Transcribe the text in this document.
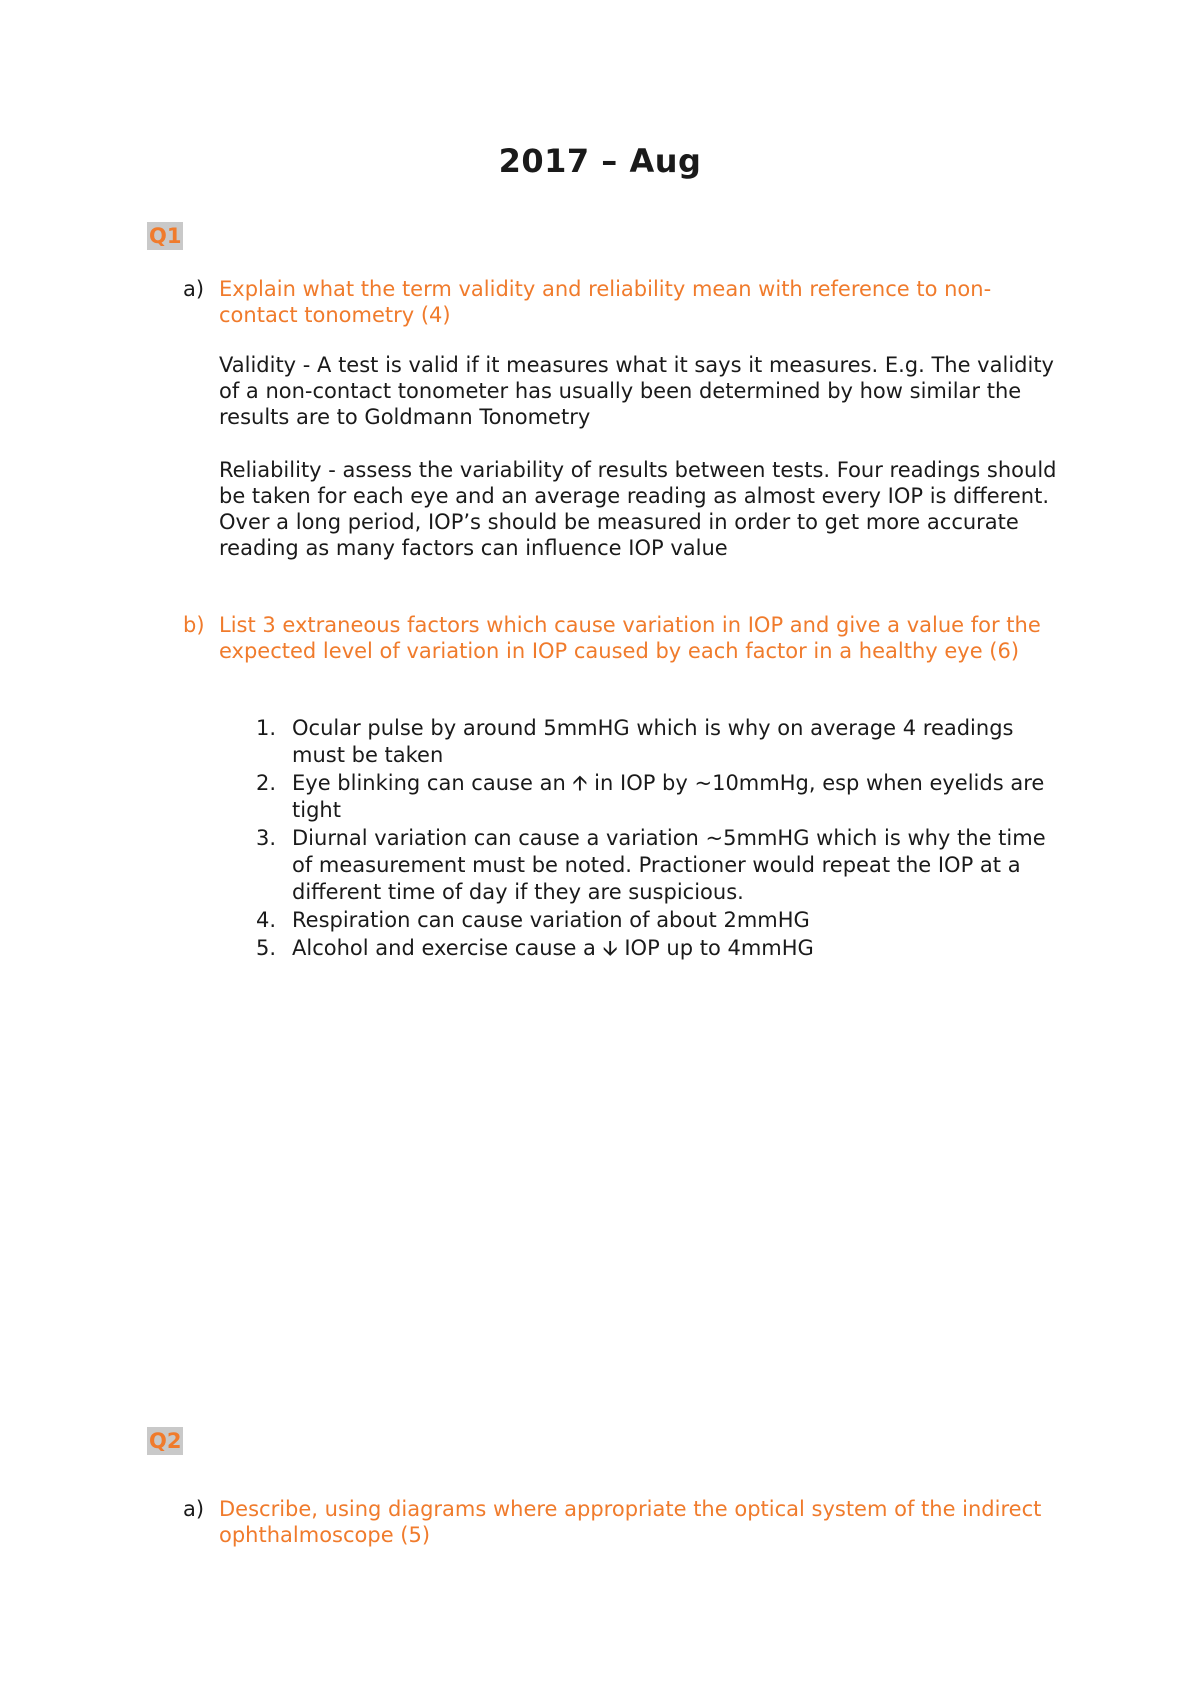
2017 – Aug
Q1
a) Explain what the term validity and reliability mean with reference to non-contact tonometry (4)
Validity - A test is valid if it measures what it says it measures. E.g. The validity of a non-contact tonometer has usually been determined by how similar the results are to Goldmann Tonometry
Reliability - assess the variability of results between tests. Four readings should be taken for each eye and an average reading as almost every IOP is different. Over a long period, IOP’s should be measured in order to get more accurate reading as many factors can influence IOP value
b) List 3 extraneous factors which cause variation in IOP and give a value for the expected level of variation in IOP caused by each factor in a healthy eye (6)
1. Ocular pulse by around 5mmHG which is why on average 4 readings must be taken
2. Eye blinking can cause an 🡩 in IOP by ~10mmHg, esp when eyelids are tight
3. Diurnal variation can cause a variation ~5mmHG which is why the time of measurement must be noted. Practioner would repeat the IOP at a different time of day if they are suspicious.
4. Respiration can cause variation of about 2mmHG
5. Alcohol and exercise cause a 🡫 IOP up to 4mmHG
Q2
a) Describe, using diagrams where appropriate the optical system of the indirect ophthalmoscope (5)
